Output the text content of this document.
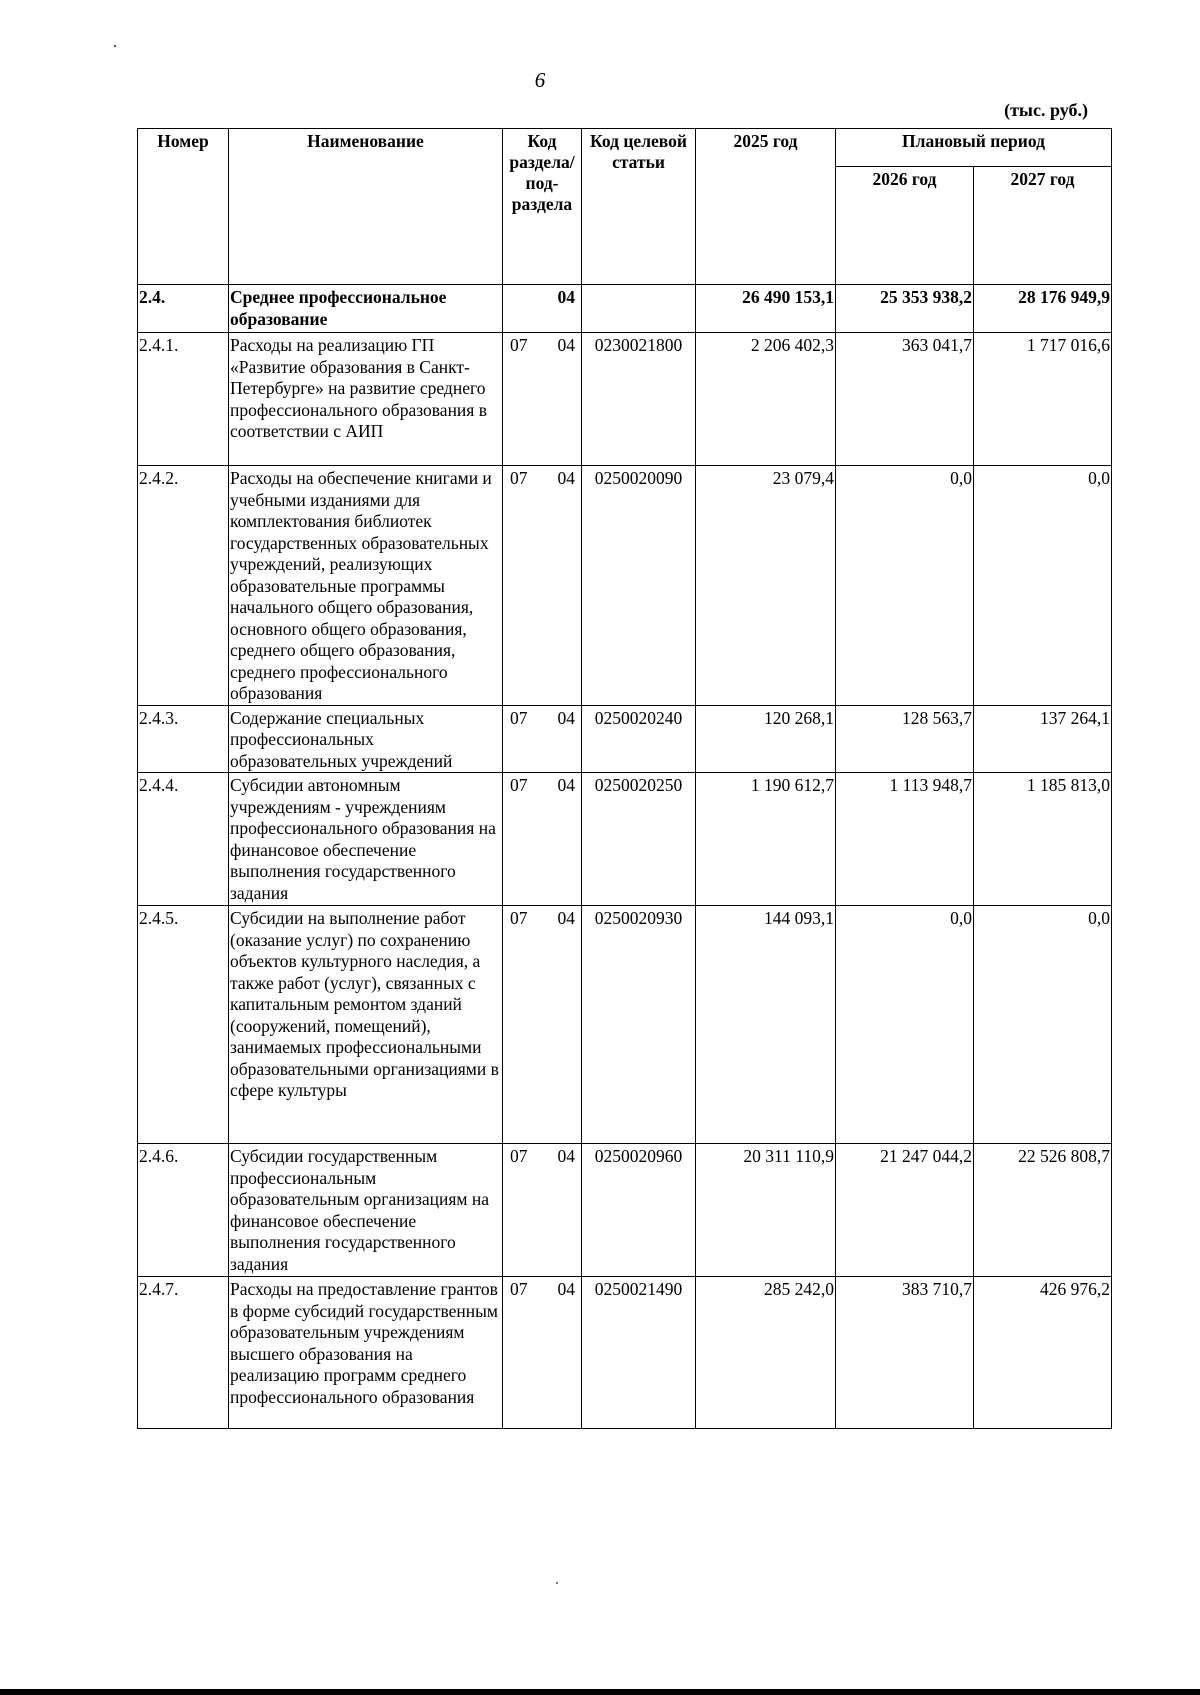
6
(тыс. руб.)
Номер	Наименование	Код раздела/ под- раздела	Код целевой статьи	2025 год	Плановый период	
					2026 год	2027 год
2.4.	Среднее профессиональное образование	04		26 490 153,1	25 353 938,2	28 176 949,9
2.4.1.	Расходы на реализацию ГП «Развитие образования в Санкт-Петербурге» на развитие среднего профессионального образования в соответствии с АИП	07 04	0230021800	2 206 402,3	363 041,7	1 717 016,6
2.4.2.	Расходы на обеспечение книгами и учебными изданиями для комплектования библиотек государственных образовательных учреждений, реализующих образовательные программы начального общего образования, основного общего образования, среднего общего образования, среднего профессионального образования	07 04	0250020090	23 079,4	0,0	0,0
2.4.3.	Содержание специальных профессиональных образовательных учреждений	07 04	0250020240	120 268,1	128 563,7	137 264,1
2.4.4.	Субсидии автономным учреждениям - учреждениям профессионального образования на финансовое обеспечение выполнения государственного задания	07 04	0250020250	1 190 612,7	1 113 948,7	1 185 813,0
2.4.5.	Субсидии на выполнение работ (оказание услуг) по сохранению объектов культурного наследия, а также работ (услуг), связанных с капитальным ремонтом зданий (сооружений, помещений), занимаемых профессиональными образовательными организациями в сфере культуры	07 04	0250020930	144 093,1	0,0	0,0
2.4.6.	Субсидии государственным профессиональным образовательным организациям на финансовое обеспечение выполнения государственного задания	07 04	0250020960	20 311 110,9	21 247 044,2	22 526 808,7
2.4.7.	Расходы на предоставление грантов в форме субсидий государственным образовательным учреждениям высшего образования на реализацию программ среднего профессионального образования	07 04	0250021490	285 242,0	383 710,7	426 976,2
